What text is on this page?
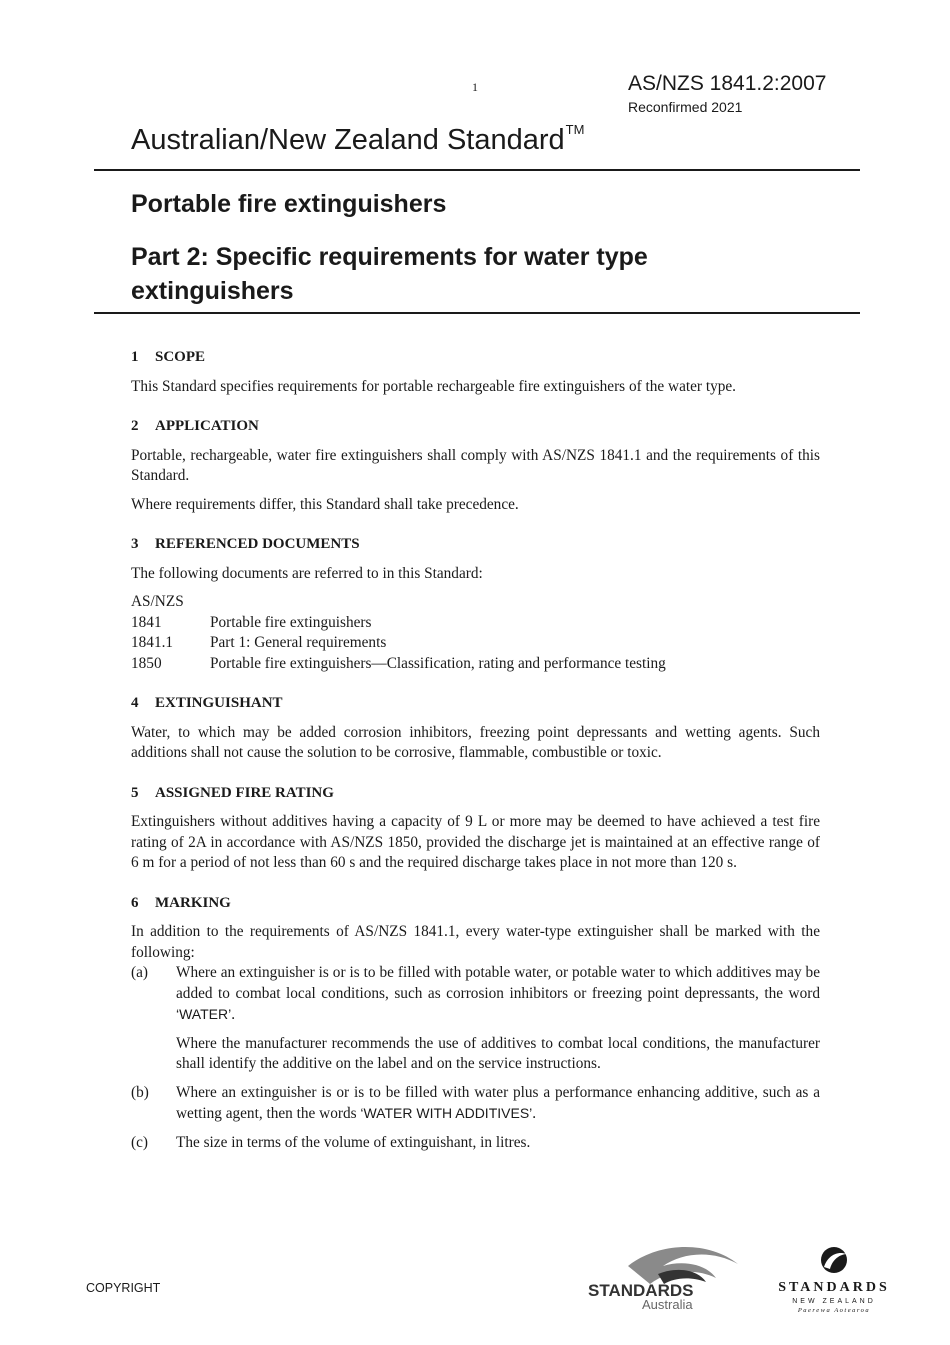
1	AS/NZS 1841.2:2007
Reconfirmed 2021
Australian/New Zealand Standard™
Portable fire extinguishers
Part 2: Specific requirements for water type extinguishers
1 SCOPE

This Standard specifies requirements for portable rechargeable fire extinguishers of the water type.

2 APPLICATION

Portable, rechargeable, water fire extinguishers shall comply with AS/NZS 1841.1 and the requirements of this Standard.

Where requirements differ, this Standard shall take precedence.

3 REFERENCED DOCUMENTS

The following documents are referred to in this Standard:

AS/NZS
1841	Portable fire extinguishers
1841.1	Part 1: General requirements
1850	Portable fire extinguishers—Classification, rating and performance testing
4 EXTINGUISHANT

Water, to which may be added corrosion inhibitors, freezing point depressants and wetting agents. Such additions shall not cause the solution to be corrosive, flammable, combustible or toxic.

5 ASSIGNED FIRE RATING

Extinguishers without additives having a capacity of 9 L or more may be deemed to have achieved a test fire rating of 2A in accordance with AS/NZS 1850, provided the discharge jet is maintained at an effective range of 6 m for a period of not less than 60 s and the required discharge takes place in not more than 120 s.

6 MARKING

In addition to the requirements of AS/NZS 1841.1, every water-type extinguisher shall be marked with the following:

(a)	Where an extinguisher is or is to be filled with potable water, or potable water to which additives may be added to combat local conditions, such as corrosion inhibitors or freezing point depressants, the word ‘WATER’.

Where the manufacturer recommends the use of additives to combat local conditions, the manufacturer shall identify the additive on the label and on the service instructions.

(b)	Where an extinguisher is or is to be filled with water plus a performance enhancing additive, such as a wetting agent, then the words ‘WATER WITH ADDITIVES’.

(c)	The size in terms of the volume of extinguishant, in litres.

COPYRIGHT	STANDARDS
Australia
STANDARDS
NEW ZEALAND
Paerewa Aotearoa
